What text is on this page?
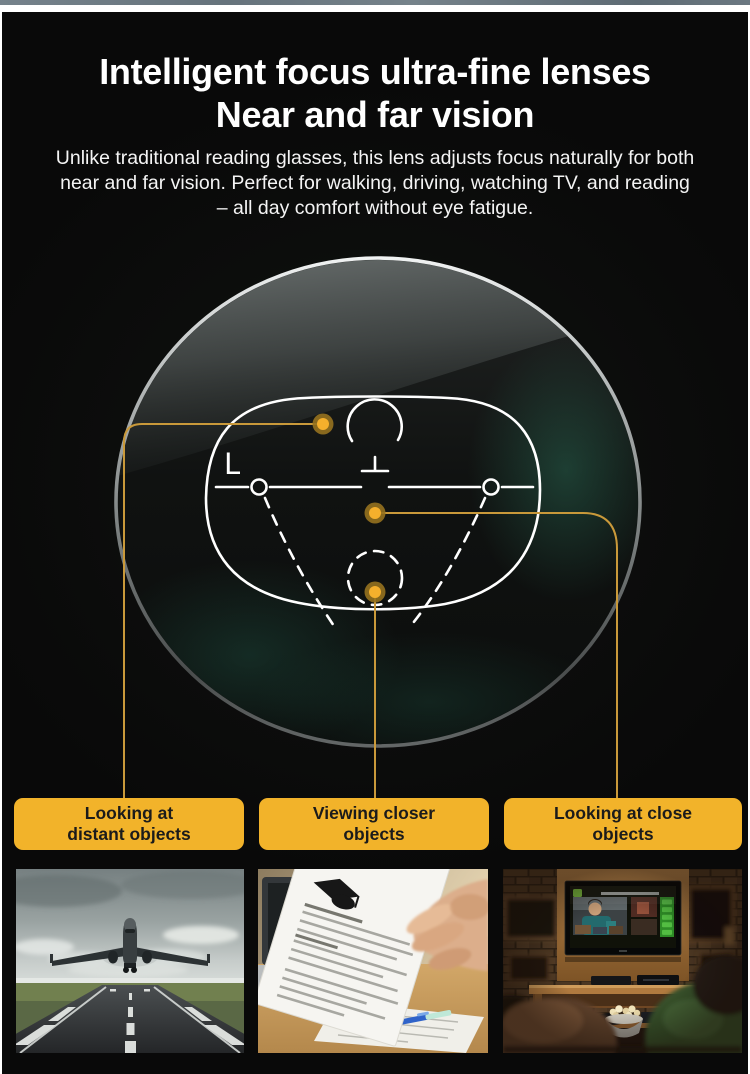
Intelligent focus ultra-fine lenses
Near and far vision
Unlike traditional reading glasses, this lens adjusts focus naturally for both near and far vision. Perfect for walking, driving, watching TV, and reading – all day comfort without eye fatigue.
L
Looking at
distant objects
Viewing closer
objects
Looking at close
objects
